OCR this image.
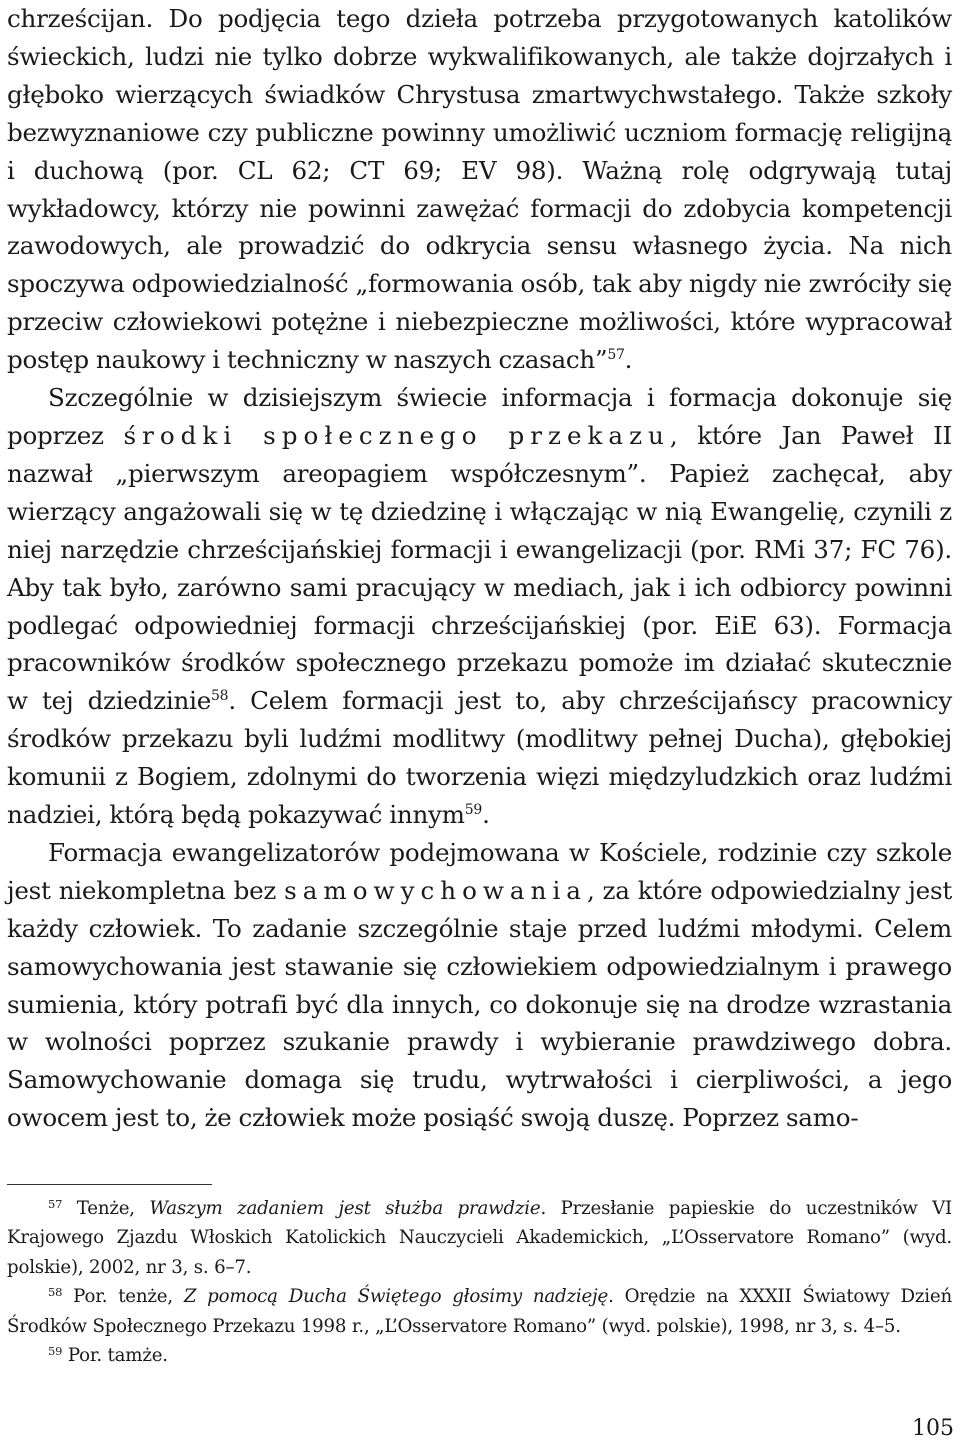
chrześcijan. Do podjęcia tego dzieła potrzeba przygotowanych katolików świeckich, ludzi nie tylko dobrze wykwalifikowanych, ale także dojrzałych i głęboko wierzących świadków Chrystusa zmartwychwstałego. Także szkoły bezwyznaniowe czy publiczne powinny umożliwić uczniom formację religijną i duchową (por. CL 62; CT 69; EV 98). Ważną rolę odgrywają tutaj wykładowcy, którzy nie powinni zawężać formacji do zdobycia kompetencji zawodowych, ale prowadzić do odkrycia sensu własnego życia. Na nich spoczywa odpowiedzialność „formowania osób, tak aby nigdy nie zwróciły się przeciw człowiekowi potężne i niebezpieczne możliwości, które wypracował postęp naukowy i techniczny w naszych czasach”$^{57}$.

Szczególnie w dzisiejszym świecie informacja i formacja dokonuje się poprzez środki społecznego przekazu, które Jan Paweł II nazwał „pierwszym areopagiem współczesnym”. Papież zachęcał, aby wierzący angażowali się w tę dziedzinę i włączając w nią Ewangelię, czynili z niej narzędzie chrześcijańskiej formacji i ewangelizacji (por. RMi 37; FC 76). Aby tak było, zarówno sami pracujący w mediach, jak i ich odbiorcy powinni podlegać odpowiedniej formacji chrześcijańskiej (por. EiE 63). Formacja pracowników środków społecznego przekazu pomoże im działać skutecznie w tej dziedzinie$^{58}$. Celem formacji jest to, aby chrześcijańscy pracownicy środków przekazu byli ludźmi modlitwy (modlitwy pełnej Ducha), głębokiej komunii z Bogiem, zdolnymi do tworzenia więzi międzyludzkich oraz ludźmi nadziei, którą będą pokazywać innym$^{59}$.

Formacja ewangelizatorów podejmowana w Kościele, rodzinie czy szkole jest niekompletna bez samowychowania, za które odpowiedzialny jest każdy człowiek. To zadanie szczególnie staje przed ludźmi młodymi. Celem samowychowania jest stawanie się człowiekiem odpowiedzialnym i prawego sumienia, który potrafi być dla innych, co dokonuje się na drodze wzrastania w wolności poprzez szukanie prawdy i wybieranie prawdziwego dobra. Samowychowanie domaga się trudu, wytrwałości i cierpliwości, a jego owocem jest to, że człowiek może posiąść swoją duszę. Poprzez samo-

$^{57}$ Tenże, Waszym zadaniem jest służba prawdzie. Przesłanie papieskie do uczestników VI Krajowego Zjazdu Włoskich Katolickich Nauczycieli Akademickich, „L’Osservatore Romano” (wyd. polskie), 2002, nr 3, s. 6–7.

$^{58}$ Por. tenże, Z pomocą Ducha Świętego głosimy nadzieję. Orędzie na XXXII Światowy Dzień Środków Społecznego Przekazu 1998 r., „L’Osservatore Romano” (wyd. polskie), 1998, nr 3, s. 4–5.

$^{59}$ Por. tamże.

105
